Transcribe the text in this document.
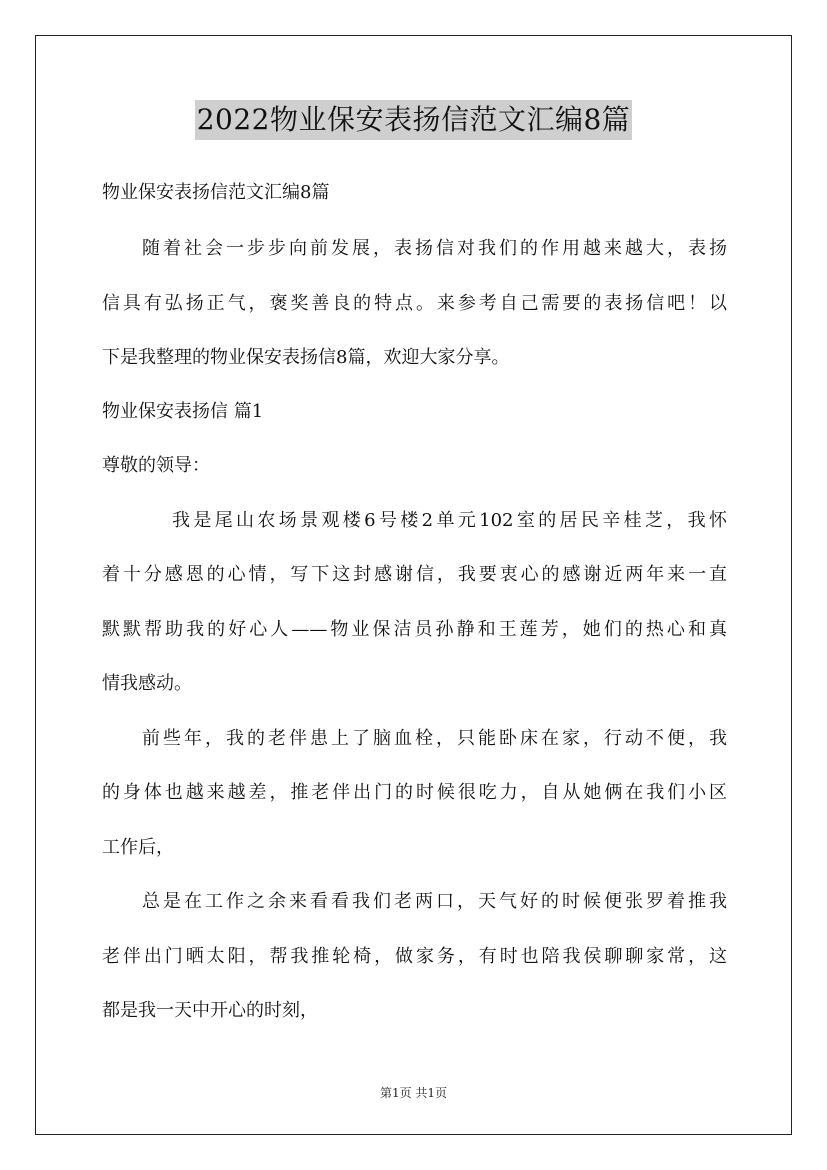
2022物业保安表扬信范文汇编8篇
物业保安表扬信范文汇编8篇
随着社会一步步向前发展，表扬信对我们的作用越来越大，表扬
信具有弘扬正气，褒奖善良的特点。来参考自己需要的表扬信吧！以
下是我整理的物业保安表扬信8篇，欢迎大家分享。
物业保安表扬信 篇1
尊敬的领导：
我是尾山农场景观楼6号楼2单元102室的居民辛桂芝，我怀
着十分感恩的心情，写下这封感谢信，我要衷心的感谢近两年来一直
默默帮助我的好心人——物业保洁员孙静和王莲芳，她们的热心和真
情我感动。
前些年，我的老伴患上了脑血栓，只能卧床在家，行动不便，我
的身体也越来越差，推老伴出门的时候很吃力，自从她俩在我们小区
工作后，
总是在工作之余来看看我们老两口，天气好的时候便张罗着推我
老伴出门晒太阳，帮我推轮椅，做家务，有时也陪我侯聊聊家常，这
都是我一天中开心的时刻，
第1页 共1页
